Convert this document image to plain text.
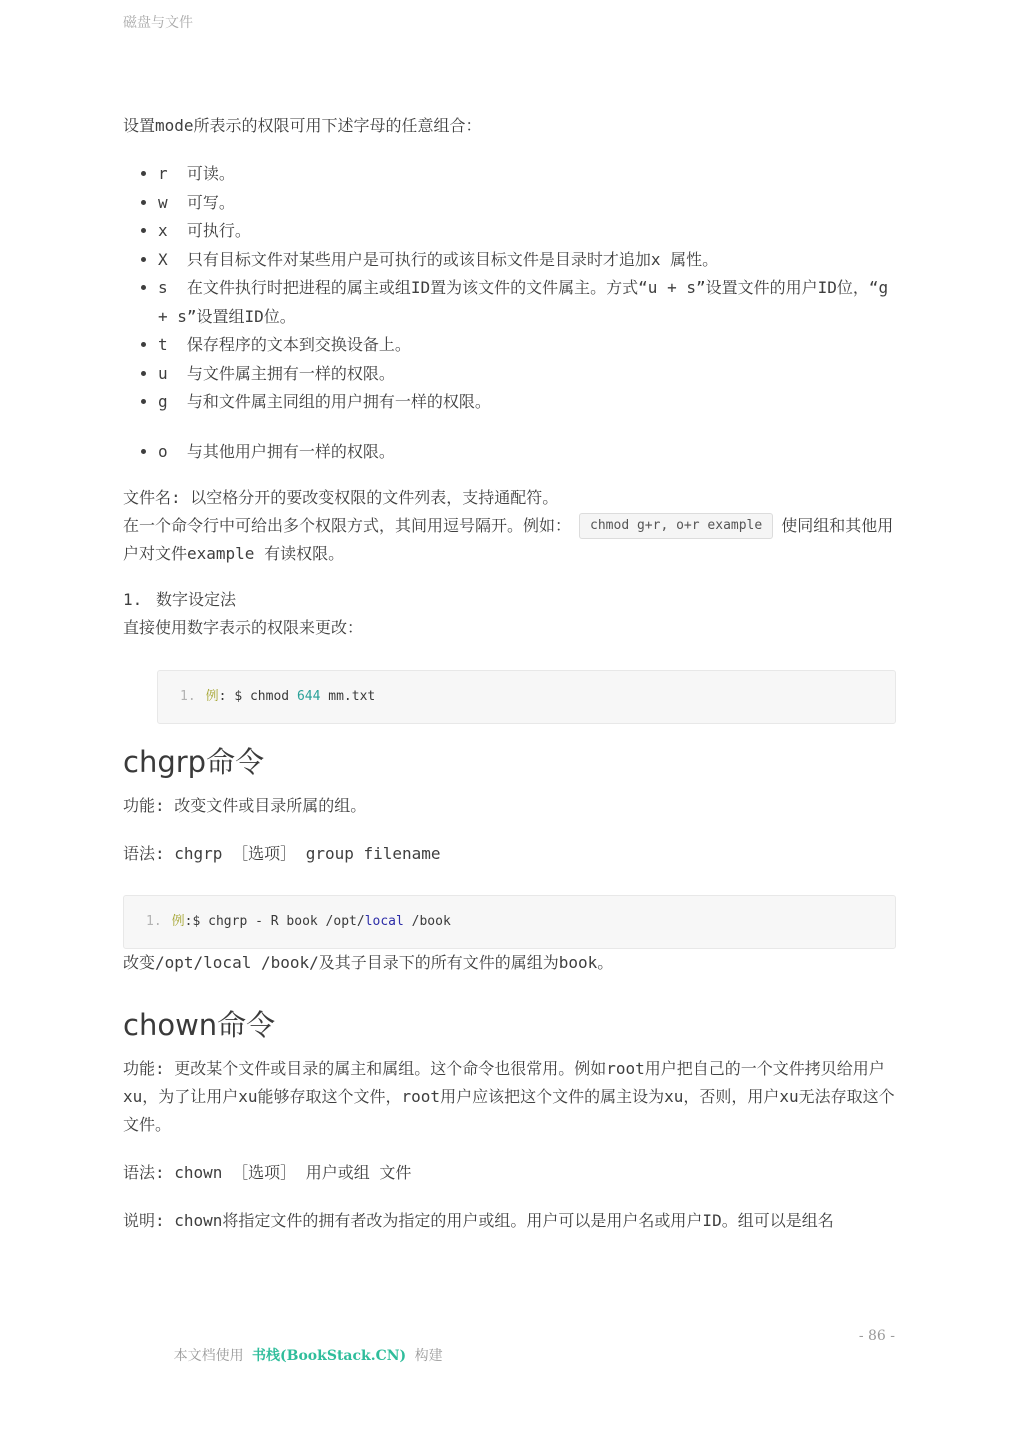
磁盘与文件

设置mode所表示的权限可用下述字母的任意组合：

• r  可读。
• w  可写。
• x  可执行。
• X  只有目标文件对某些用户是可执行的或该目标文件是目录时才追加x 属性。
• s  在文件执行时把进程的属主或组ID置为该文件的文件属主。方式“u + s”设置文件的用户ID位，“g + s”设置组ID位。
• t  保存程序的文本到交换设备上。
• u  与文件属主拥有一样的权限。
• g  与和文件属主同组的用户拥有一样的权限。
• o  与其他用户拥有一样的权限。

文件名: 以空格分开的要改变权限的文件列表，支持通配符。

在一个命令行中可给出多个权限方式，其间用逗号隔开。例如： chmod g+r, o+r example 使同组和其他用户对文件example 有读权限。

1. 数字设定法

直接使用数字表示的权限来更改：

1. 例: $ chmod 644 mm.txt
chgrp命令

功能: 改变文件或目录所属的组。

语法: chgrp ［选项］ group filename

1. 例:$ chgrp - R book /opt/local /book

改变/opt/local /book/及其子目录下的所有文件的属组为book。

chown命令

功能: 更改某个文件或目录的属主和属组。这个命令也很常用。例如root用户把自己的一个文件拷贝给用户xu，为了让用户xu能够存取这个文件，root用户应该把这个文件的属主设为xu，否则，用户xu无法存取这个文件。

语法: chown ［选项］ 用户或组 文件

说明: chown将指定文件的拥有者改为指定的用户或组。用户可以是用户名或用户ID。组可以是组名

本文档使用 书栈(BookStack.CN) 构建

- 86 -
